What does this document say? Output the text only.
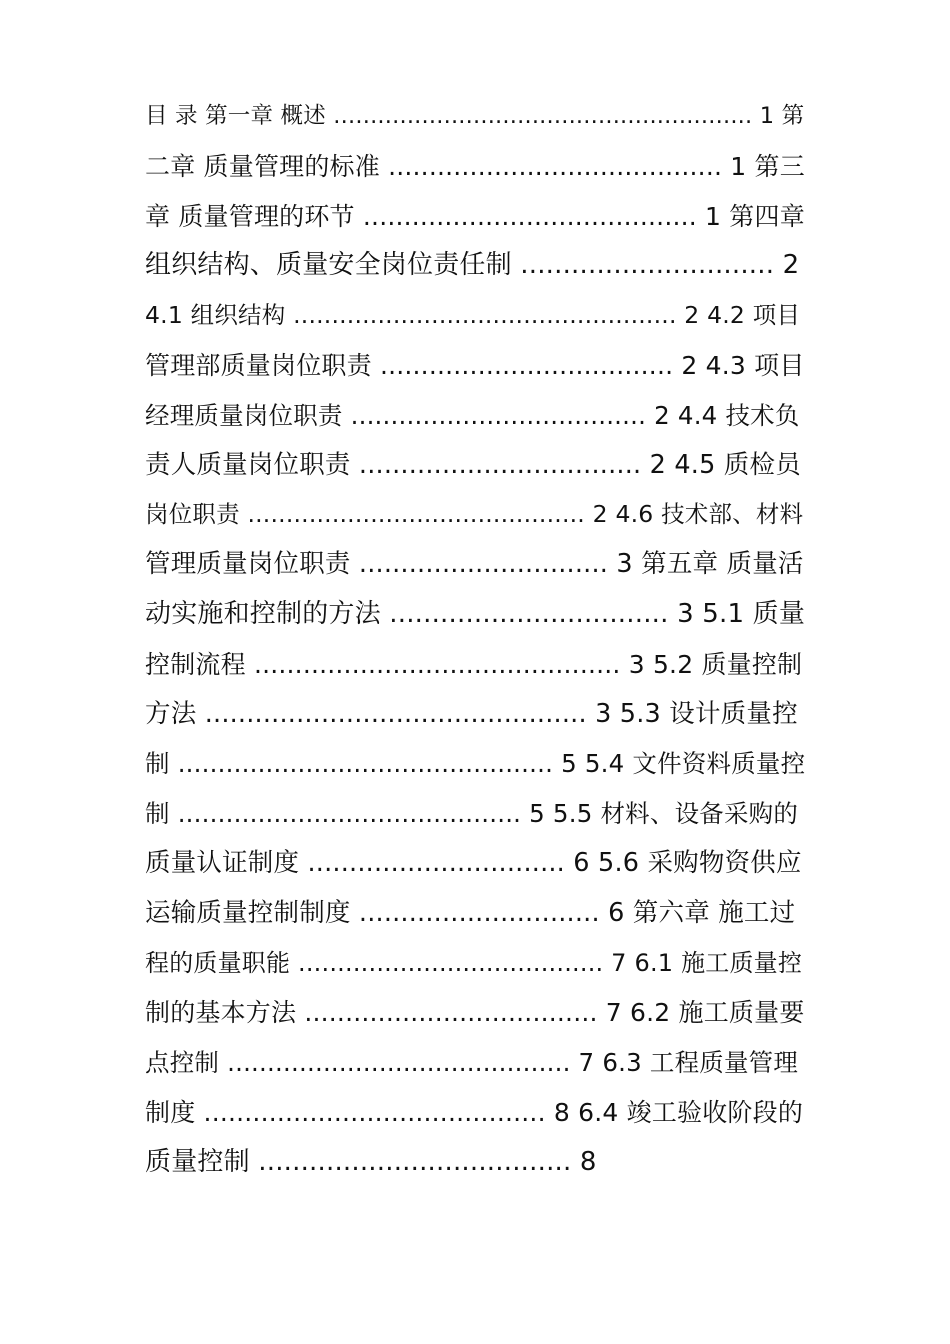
目 录 第一章 概述 ......................................................... 1 第
二章 质量管理的标准 ......................................... 1 第三
章 质量管理的环节 ......................................... 1 第四章
组织结构、质量安全岗位责任制 .............................. 2
4.1 组织结构 .................................................. 2 4.2 项目
管理部质量岗位职责 .................................... 2 4.3 项目
经理质量岗位职责 ..................................... 2 4.4 技术负
责人质量岗位职责 .................................. 2 4.5 质检员
岗位职责 ............................................ 2 4.6 技术部、材料
管理质量岗位职责 .............................. 3 第五章 质量活
动实施和控制的方法 ................................. 3 5.1 质量
控制流程 ............................................. 3 5.2 质量控制
方法 .............................................. 3 5.3 设计质量控
制 ............................................... 5 5.4 文件资料质量控
制 ........................................... 5 5.5 材料、设备采购的
质量认证制度 ............................... 6 5.6 采购物资供应
运输质量控制制度 ............................. 6 第六章 施工过
程的质量职能 ....................................... 7 6.1 施工质量控
制的基本方法 .................................... 7 6.2 施工质量要
点控制 ........................................... 7 6.3 工程质量管理
制度 .......................................... 8 6.4 竣工验收阶段的
质量控制 ..................................... 8
